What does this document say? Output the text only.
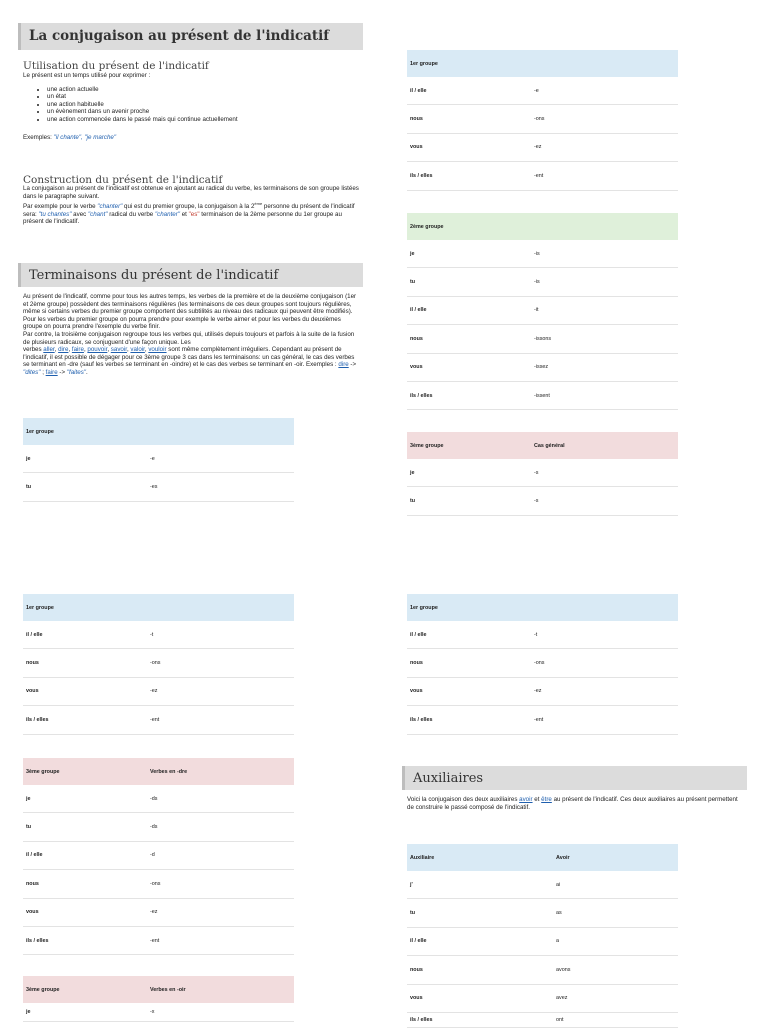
La conjugaison au présent de l'indicatif
Utilisation du présent de l'indicatif
Le présent est un temps utilisé pour exprimer :
• une action actuelle
• un état
• une action habituelle
• un évènement dans un avenir proche
• une action commencée dans le passé mais qui continue actuellement
Exemples: "il chante", "je marche"
Construction du présent de l'indicatif
La conjugaison au présent de l'indicatif est obtenue en ajoutant au radical du verbe, les terminaisons de son groupe listées dans le paragraphe suivant.
Par exemple pour le verbe "chanter" qui est du premier groupe, la conjugaison à la 2ème personne du présent de l'indicatif sera: "tu chantes" avec "chant" radical du verbe "chanter" et "es" terminaison de la 2ème personne du 1er groupe au présent de l'indicatif.
Terminaisons du présent de l'indicatif
Au présent de l'indicatif, comme pour tous les autres temps, les verbes de la première et de la deuxième conjugaison (1er et 2ème groupe) possèdent des terminaisons régulières (les terminaisons de ces deux groupes sont toujours régulières, même si certains verbes du premier groupe comportent des subtilités au niveau des radicaux qui peuvent être modifiés). Pour les verbes du premier groupe on pourra prendre pour exemple le verbe aimer et pour les verbes du deuxièmes groupe on pourra prendre l'exemple du verbe finir.
Par contre, la troisième conjugaison regroupe tous les verbes qui, utilisés depuis toujours et parfois à la suite de la fusion de plusieurs radicaux, se conjuguent d'une façon unique. Les
verbes aller, dire, faire, pouvoir, savoir, valoir, vouloir sont même complètement irréguliers. Cependant au présent de l'indicatif, il est possible de dégager pour ce 3ème groupe 3 cas dans les terminaisons: un cas général, le cas des verbes se terminant en -dre (sauf les verbes se terminant en -oindre) et le cas des verbes se terminant en -oir. Exemples : dire -> "dites" ; faire -> "faites".
1er groupe	
je	-e
tu	-es
1er groupe	
il / elle	-t
nous	-ons
vous	-ez
ils / elles	-ent
3ème groupe	Verbes en -dre
je	-ds
tu	-ds
il / elle	-d
nous	-ons
vous	-ez
ils / elles	-ent
3ème groupe	Verbes en -oir
je	-x
1er groupe	
il / elle	-e
nous	-ons
vous	-ez
ils / elles	-ent
2ème groupe	
je	-is
tu	-is
il / elle	-it
nous	-issons
vous	-issez
ils / elles	-issent
3ème groupe	Cas général
je	-s
tu	-s
1er groupe	
il / elle	-t
nous	-ons
vous	-ez
ils / elles	-ent
Auxiliaires
Voici la conjugaison des deux auxiliaires avoir et être au présent de l'indicatif. Ces deux auxiliaires au présent permettent de construire le passé composé de l'indicatif.
Auxiliaire	Avoir
j'	ai
tu	as
il / elle	a
nous	avons
vous	avez
ils / elles	ont
